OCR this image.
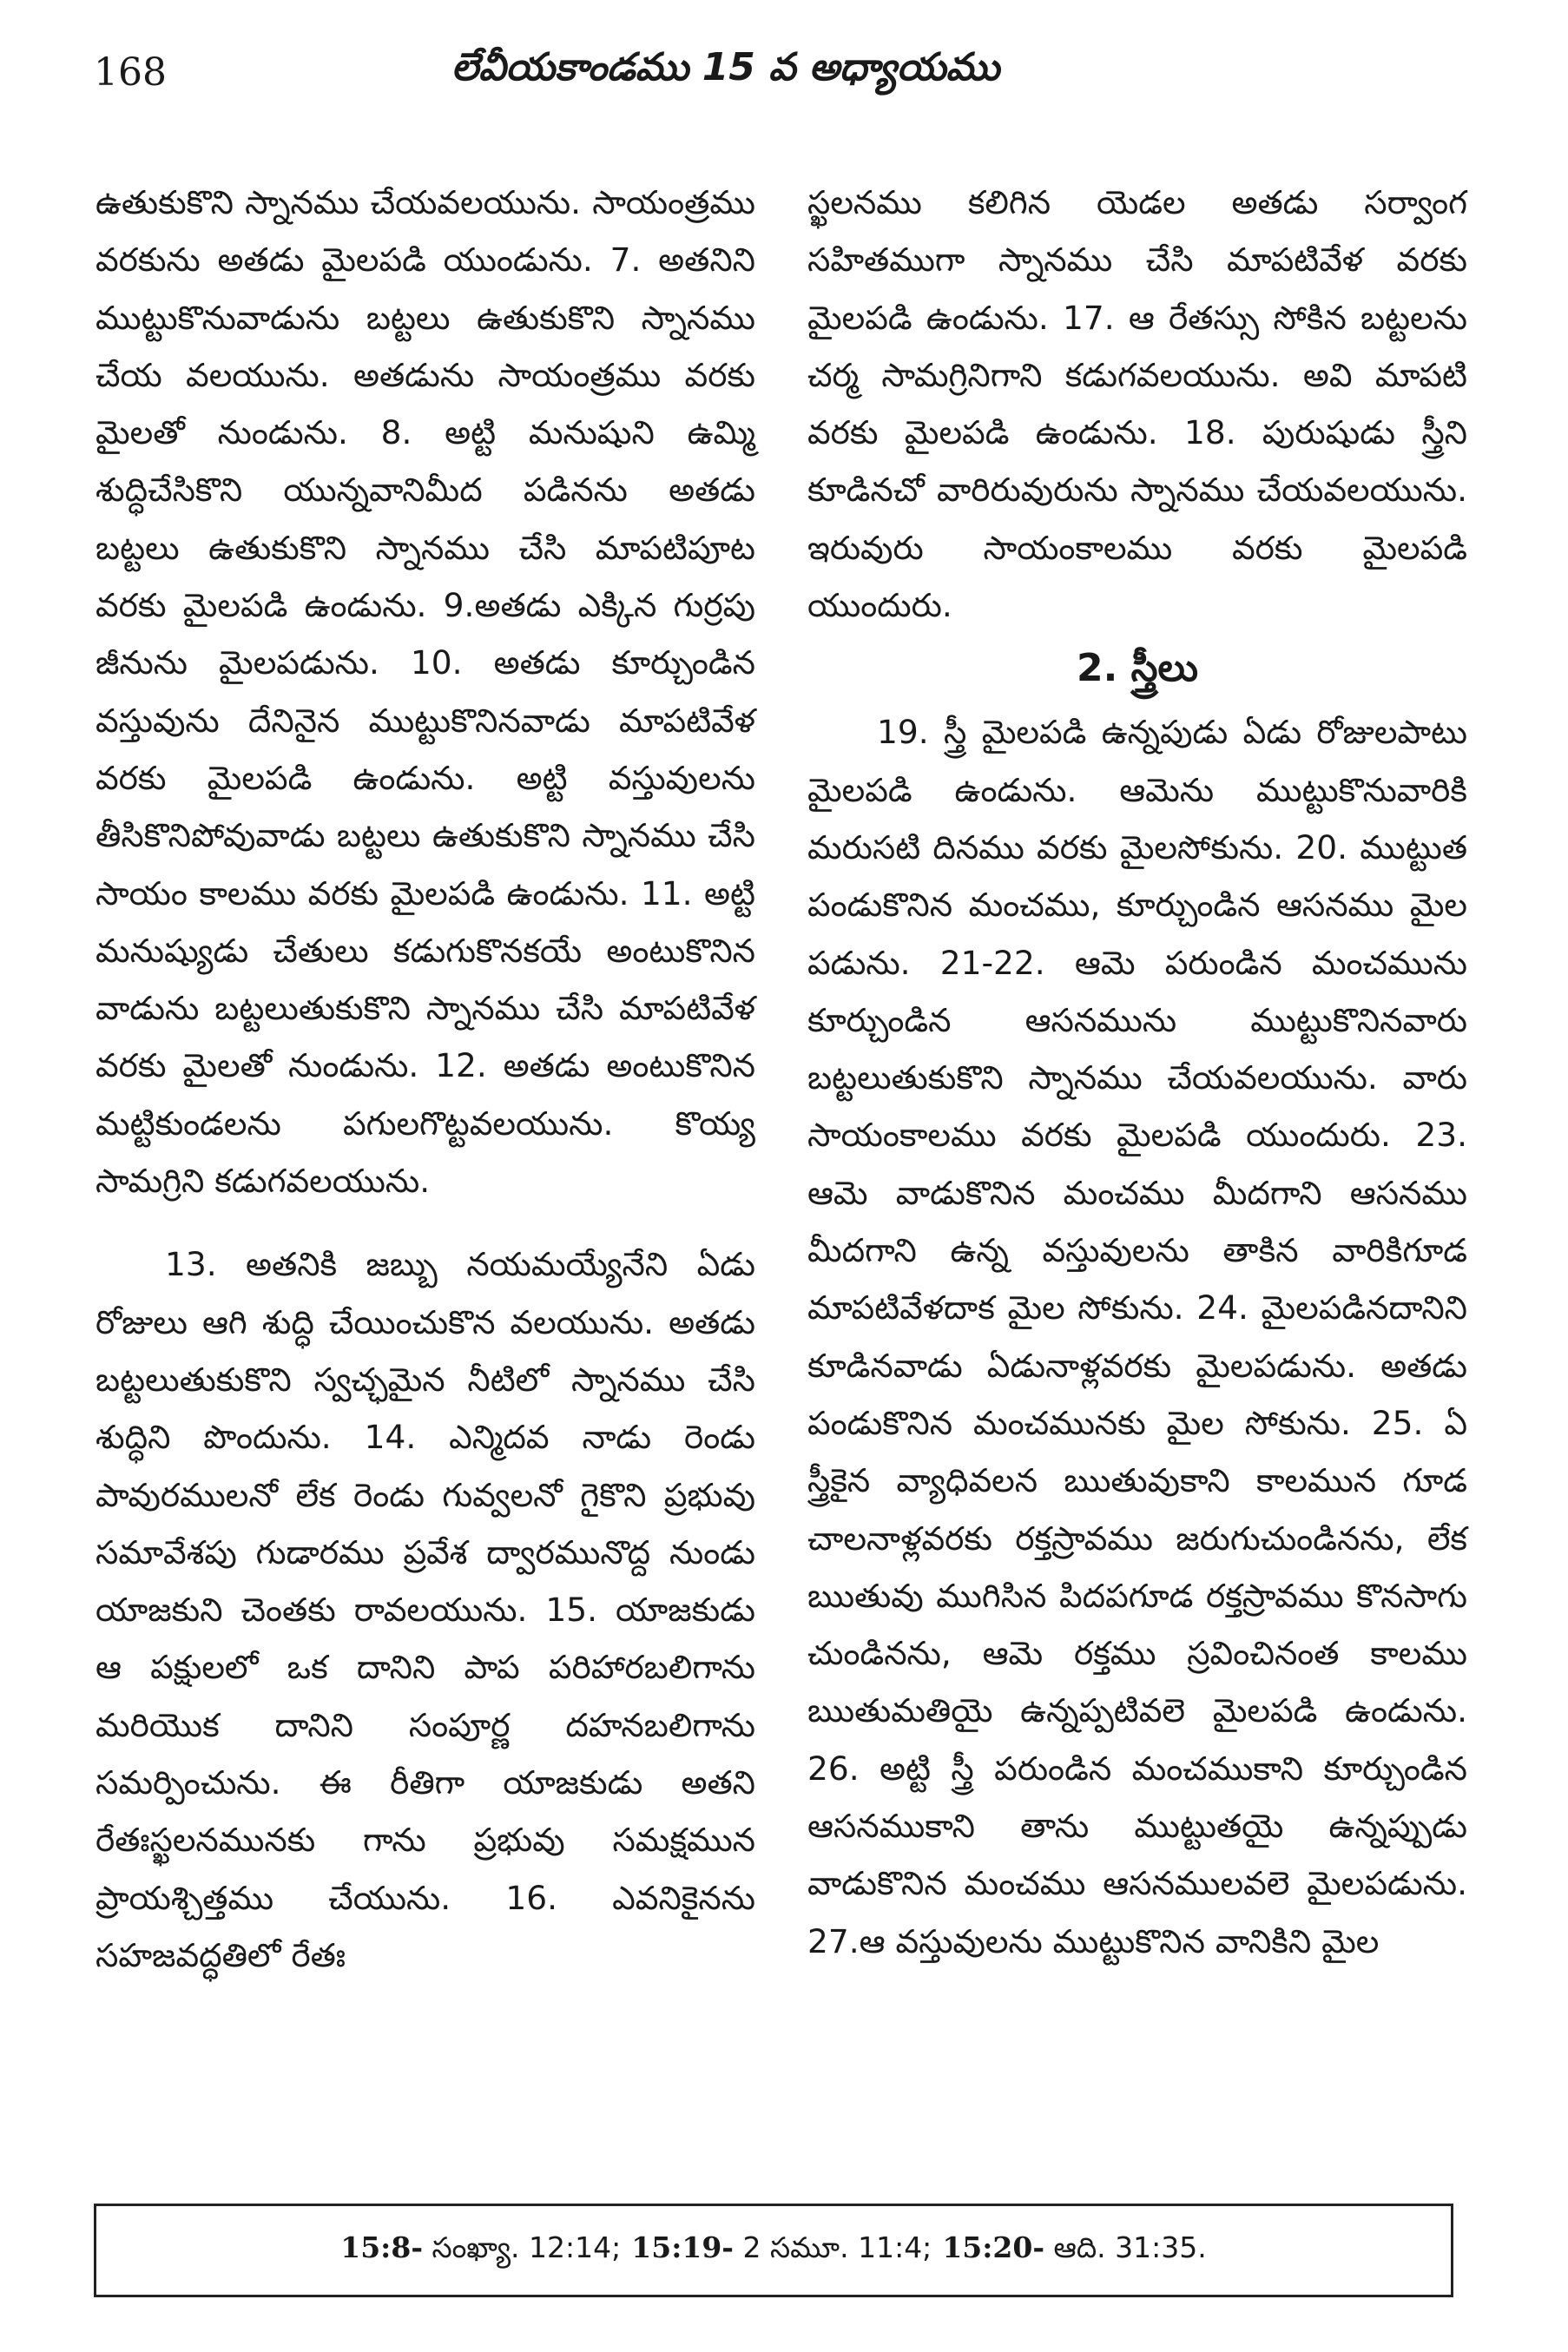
168	లేవీయకాండము 15 వ అధ్యాయము

ఉతుకుకొని స్నానము చేయవలయును. సాయంత్రము వరకును అతడు మైలపడి యుండును. 7. అతనిని ముట్టుకొనువాడును బట్టలు ఉతుకుకొని స్నానము చేయ వలయును. అతడును సాయంత్రము వరకు మైలతో నుండును. 8. అట్టి మనుషుని ఉమ్మి శుద్ధిచేసికొని యున్నవానిమీద పడినను అతడు బట్టలు ఉతుకుకొని స్నానము చేసి మాపటిపూట వరకు మైలపడి ఉండును. 9.అతడు ఎక్కిన గుర్రపు జీనును మైలపడును. 10. అతడు కూర్చుండిన వస్తువును దేనినైన ముట్టుకొనినవాడు మాపటివేళ వరకు మైలపడి ఉండును. అట్టి వస్తువులను తీసికొనిపోవువాడు బట్టలు ఉతుకుకొని స్నానము చేసి సాయం కాలము వరకు మైలపడి ఉండును. 11. అట్టి మనుష్యుడు చేతులు కడుగుకొనకయే అంటుకొనిన వాడును బట్టలుతుకుకొని స్నానము చేసి మాపటివేళ వరకు మైలతో నుండును. 12. అతడు అంటుకొనిన మట్టికుండలను పగులగొట్టవలయును. కొయ్య సామగ్రిని కడుగవలయును.

13. అతనికి జబ్బు నయమయ్యేనేని ఏడు రోజులు ఆగి శుద్ధి చేయించుకొన వలయును. అతడు బట్టలుతుకుకొని స్వచ్ఛమైన నీటిలో స్నానము చేసి శుద్ధిని పొందును. 14. ఎన్మిదవ నాడు రెండు పావురములనో లేక రెండు గువ్వలనో గైకొని ప్రభువు సమావేశపు గుడారము ప్రవేశ ద్వారమునొద్ద నుండు యాజకుని చెంతకు రావలయును. 15. యాజకుడు ఆ పక్షులలో ఒక దానిని పాప పరిహారబలిగాను మరియొక దానిని సంపూర్ణ దహనబలిగాను సమర్పించును. ఈ రీతిగా యాజకుడు అతని రేతఃస్ఖలనమునకు గాను ప్రభువు సమక్షమున ప్రాయశ్చిత్తము చేయును. 16. ఎవనికైనను సహజవద్ధతిలో రేతః

స్ఖలనము కలిగిన యెడల అతడు సర్వాంగ సహితముగా స్నానము చేసి మాపటివేళ వరకు మైలపడి ఉండును. 17. ఆ రేతస్సు సోకిన బట్టలను చర్మ సామగ్రినిగాని కడుగవలయును. అవి మాపటి వరకు మైలపడి ఉండును. 18. పురుషుడు స్త్రీని కూడినచో వారిరువురును స్నానము చేయవలయును. ఇరువురు సాయంకాలము వరకు మైలపడి యుందురు.

2. స్త్రీలు

19. స్త్రీ మైలపడి ఉన్నపుడు ఏడు రోజులపాటు మైలపడి ఉండును. ఆమెను ముట్టుకొనువారికి మరుసటి దినము వరకు మైలసోకును. 20. ముట్టుత పండుకొనిన మంచము, కూర్చుండిన ఆసనము మైల పడును. 21-22. ఆమె పరుండిన మంచమును కూర్చుండిన ఆసనమును ముట్టుకొనినవారు బట్టలుతుకుకొని స్నానము చేయవలయును. వారు సాయంకాలము వరకు మైలపడి యుందురు. 23. ఆమె వాడుకొనిన మంచము మీదగాని ఆసనము మీదగాని ఉన్న వస్తువులను తాకిన వారికిగూడ మాపటివేళదాక మైల సోకును. 24. మైలపడినదానిని కూడినవాడు ఏడునాళ్లవరకు మైలపడును. అతడు పండుకొనిన మంచమునకు మైల సోకును. 25. ఏ స్త్రీకైన వ్యాధివలన ఋతువుకాని కాలమున గూడ చాలనాళ్లవరకు రక్తస్రావము జరుగుచుండినను, లేక ఋతువు ముగిసిన పిదపగూడ రక్తస్రావము కొనసాగు చుండినను, ఆమె రక్తము స్రవించినంత కాలము ఋతుమతియై ఉన్నప్పటివలె మైలపడి ఉండును. 26. అట్టి స్త్రీ పరుండిన మంచముకాని కూర్చుండిన ఆసనముకాని తాను ముట్టుతయై ఉన్నప్పుడు వాడుకొనిన మంచము ఆసనములవలె మైలపడును. 27.ఆ వస్తువులను ముట్టుకొనిన వానికిని మైల

15:8- సంఖ్యా. 12:14; 15:19- 2 సమూ. 11:4; 15:20- ఆది. 31:35.
